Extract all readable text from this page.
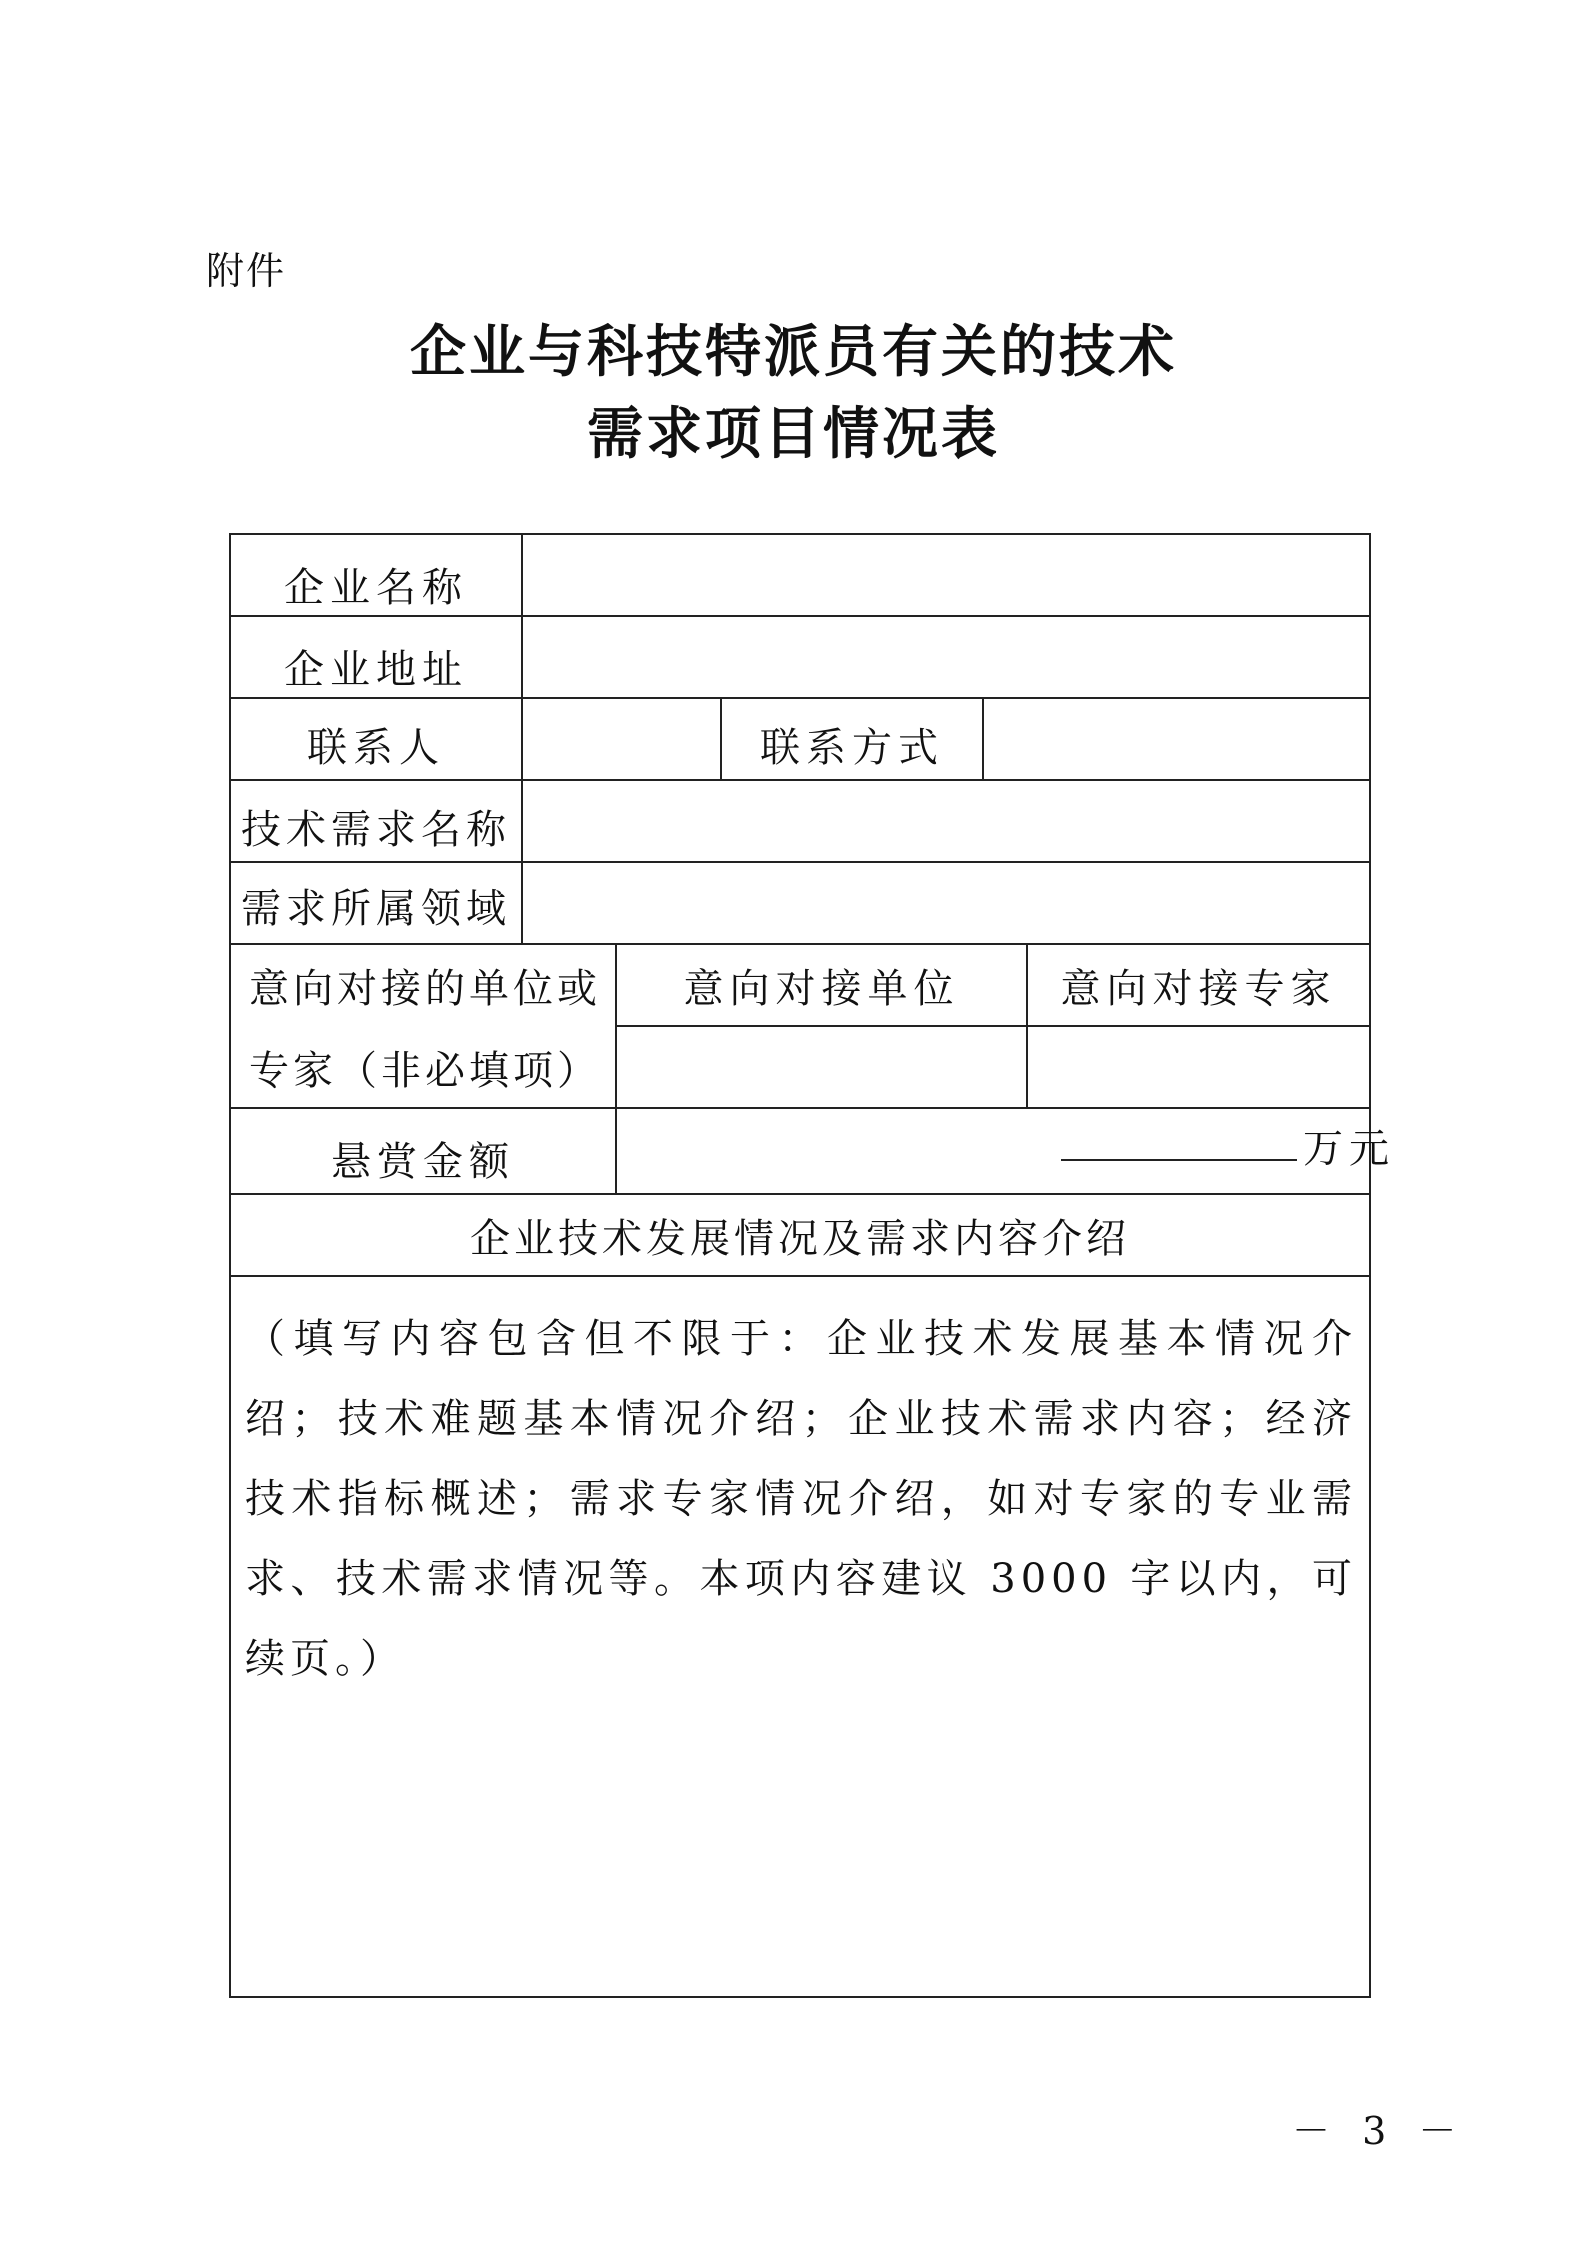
附件
企业与科技特派员有关的技术
需求项目情况表
企业名称
企业地址
联系人	联系方式
技术需求名称
需求所属领域
意向对接的单位或
专家（非必填项）
意向对接单位	意向对接专家
悬赏金额	万元
企业技术发展情况及需求内容介绍
（填写内容包含但不限于：企业技术发展基本情况介绍；技术难题基本情况介绍；企业技术需求内容；经济技术指标概述；需求专家情况介绍，如对专家的专业需求、技术需求情况等。本项内容建议 3000 字以内，可续页。）
－ 3 －
